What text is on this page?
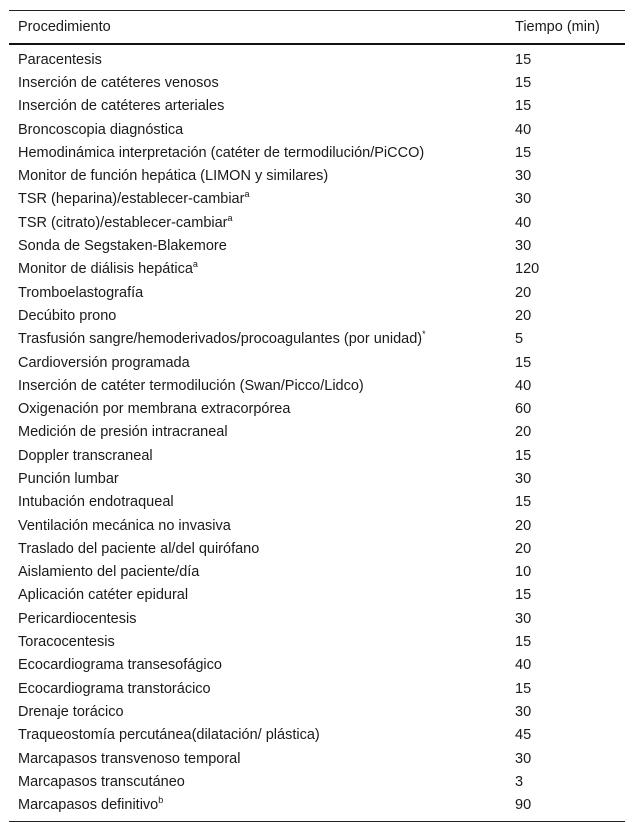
Procedimiento	Tiempo (min)
Paracentesis	15
Inserción de catéteres venosos	15
Inserción de catéteres arteriales	15
Broncoscopia diagnóstica	40
Hemodinámica interpretación (catéter de termodilución/PiCCO)	15
Monitor de función hepática (LIMON y similares)	30
TSR (heparina)/establecer-cambiar$^a$	30
TSR (citrato)/establecer-cambiar$^a$	40
Sonda de Segstaken-Blakemore	30
Monitor de diálisis hepática$^a$	120
Tromboelastografía	20
Decúbito prono	20
Trasfusión sangre/hemoderivados/procoagulantes (por unidad)*	5
Cardioversión programada	15
Inserción de catéter termodilución (Swan/Picco/Lidco)	40
Oxigenación por membrana extracorpórea	60
Medición de presión intracraneal	20
Doppler transcraneal	15
Punción lumbar	30
Intubación endotraqueal	15
Ventilación mecánica no invasiva	20
Traslado del paciente al/del quirófano	20
Aislamiento del paciente/día	10
Aplicación catéter epidural	15
Pericardiocentesis	30
Toracocentesis	15
Ecocardiograma transesofágico	40
Ecocardiograma transtorácico	15
Drenaje torácico	30
Traqueostomía percutánea(dilatación/ plástica)	45
Marcapasos transvenoso temporal	30
Marcapasos transcutáneo	3
Marcapasos definitivo$^b$	90
